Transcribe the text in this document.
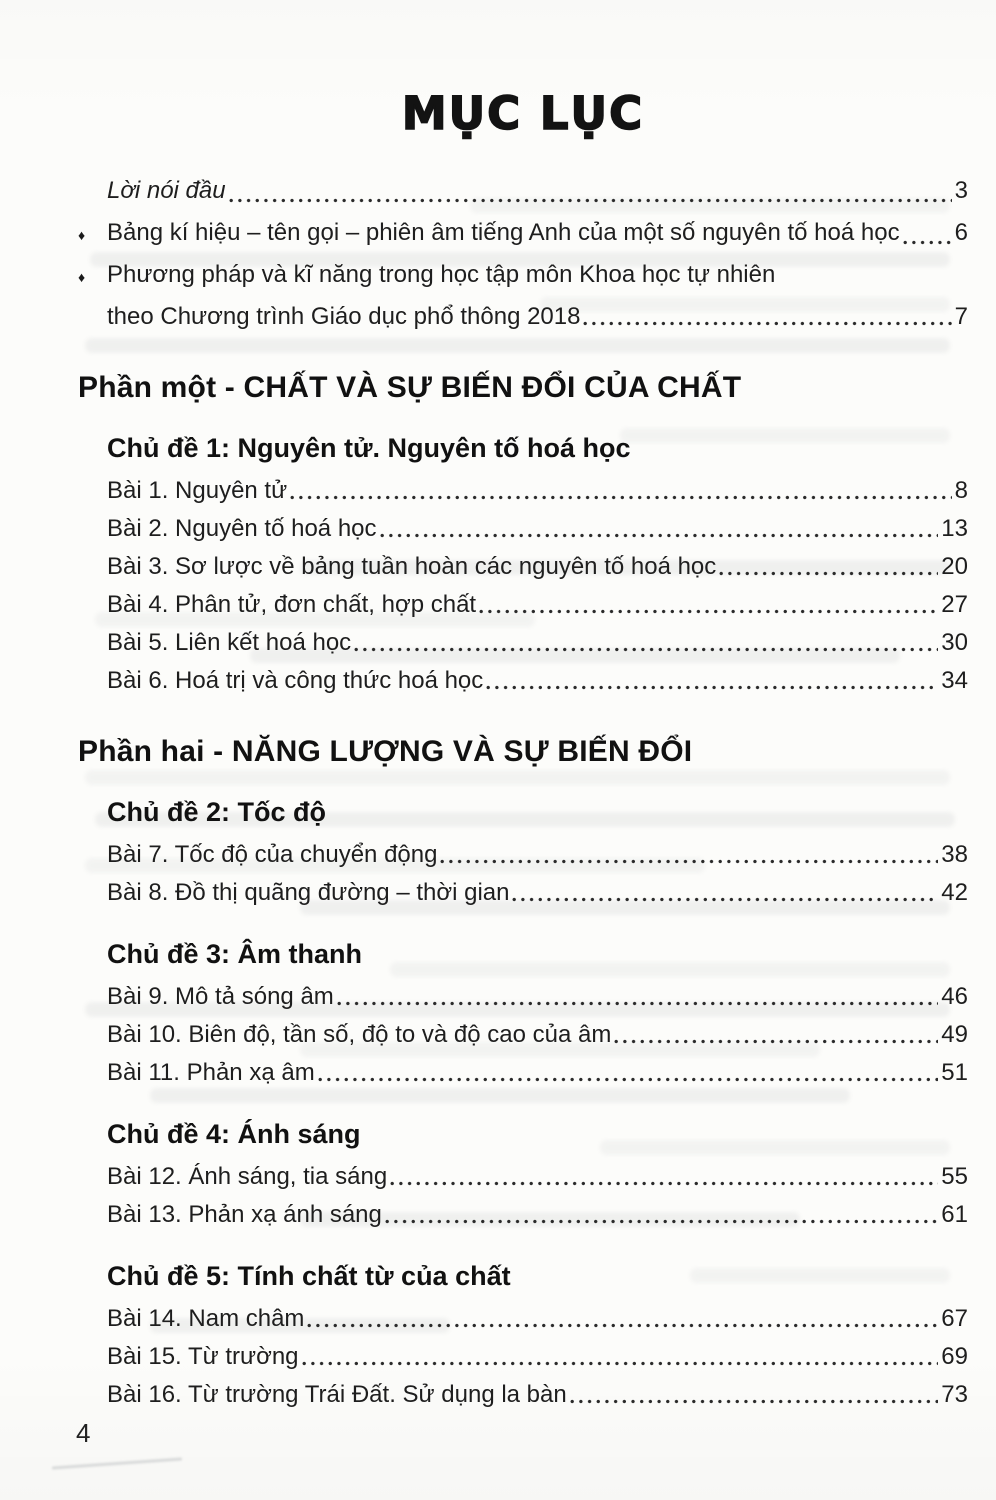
MỤC LỤC
Lời nói đầu	3
♦ Bảng kí hiệu – tên gọi – phiên âm tiếng Anh của một số nguyên tố hoá học 6
♦ Phương pháp và kĩ năng trong học tập môn Khoa học tự nhiên
theo Chương trình Giáo dục phổ thông 2018	7
Phần một - CHẤT VÀ SỰ BIẾN ĐỔI CỦA CHẤT
Chủ đề 1: Nguyên tử. Nguyên tố hoá học
Bài 1. Nguyên tử	8
Bài 2. Nguyên tố hoá học	13
Bài 3. Sơ lược về bảng tuần hoàn các nguyên tố hoá học	20
Bài 4. Phân tử, đơn chất, hợp chất	27
Bài 5. Liên kết hoá học	30
Bài 6. Hoá trị và công thức hoá học	34
Phần hai - NĂNG LƯỢNG VÀ SỰ BIẾN ĐỔI
Chủ đề 2: Tốc độ
Bài 7. Tốc độ của chuyển động	38
Bài 8. Đồ thị quãng đường – thời gian	42
Chủ đề 3: Âm thanh
Bài 9. Mô tả sóng âm	46
Bài 10. Biên độ, tần số, độ to và độ cao của âm	49
Bài 11. Phản xạ âm	51
Chủ đề 4: Ánh sáng
Bài 12. Ánh sáng, tia sáng	55
Bài 13. Phản xạ ánh sáng	61
Chủ đề 5: Tính chất từ của chất
Bài 14. Nam châm	67
Bài 15. Từ trường	69
Bài 16. Từ trường Trái Đất. Sử dụng la bàn	73
4
